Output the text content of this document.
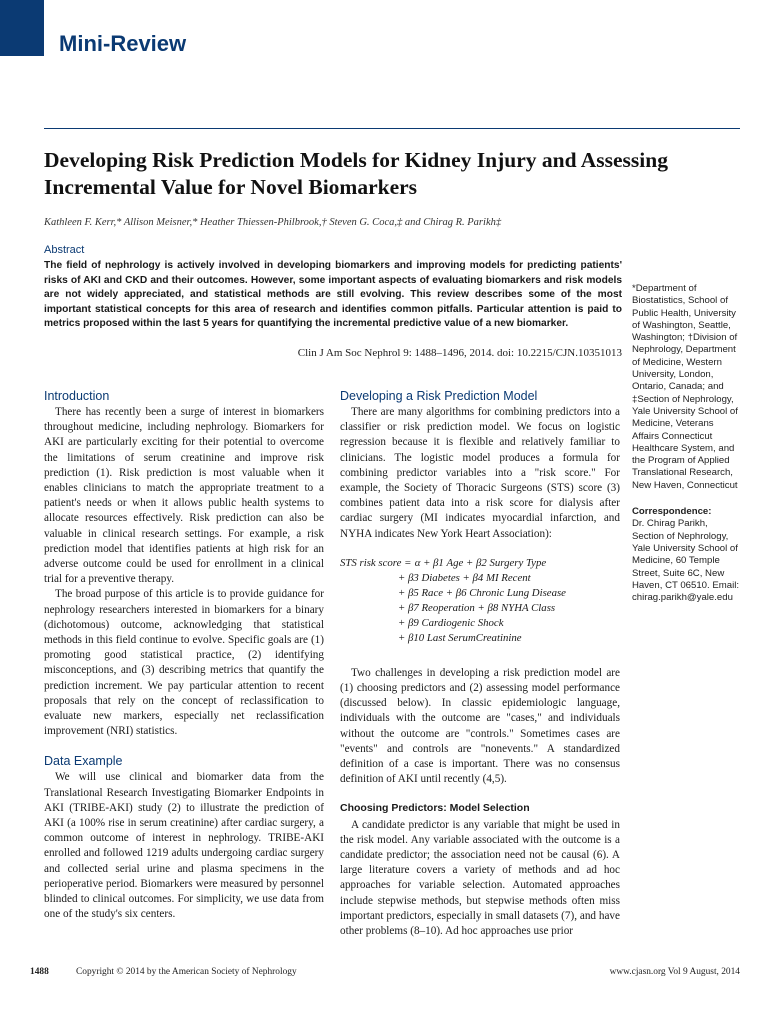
Mini-Review
Developing Risk Prediction Models for Kidney Injury and Assessing Incremental Value for Novel Biomarkers
Kathleen F. Kerr,* Allison Meisner,* Heather Thiessen-Philbrook,† Steven G. Coca,‡ and Chirag R. Parikh‡
Abstract

The field of nephrology is actively involved in developing biomarkers and improving models for predicting patients' risks of AKI and CKD and their outcomes. However, some important aspects of evaluating biomarkers and risk models are not widely appreciated, and statistical methods are still evolving. This review describes some of the most important statistical concepts for this area of research and identifies common pitfalls. Particular attention is paid to metrics proposed within the last 5 years for quantifying the incremental predictive value of a new biomarker.

Clin J Am Soc Nephrol 9: 1488–1496, 2014. doi: 10.2215/CJN.10351013
Introduction

There has recently been a surge of interest in biomarkers throughout medicine, including nephrology. Biomarkers for AKI are particularly exciting for their potential to overcome the limitations of serum creatinine and improve risk prediction (1). Risk prediction is most valuable when it enables clinicians to match the appropriate treatment to a patient's needs or when it allows public health systems to allocate resources effectively. Risk prediction can also be valuable in clinical research settings. For example, a risk prediction model that identifies patients at high risk for an adverse outcome could be used for enrollment in a clinical trial for a preventive therapy.

The broad purpose of this article is to provide guidance for nephrology researchers interested in biomarkers for a binary (dichotomous) outcome, acknowledging that statistical methods in this field continue to evolve. Specific goals are (1) promoting good statistical practice, (2) identifying misconceptions, and (3) describing metrics that quantify the prediction increment. We pay particular attention to recent proposals that rely on the concept of reclassification to evaluate new markers, especially net reclassification improvement (NRI) statistics.

Data Example

We will use clinical and biomarker data from the Translational Research Investigating Biomarker Endpoints in AKI (TRIBE-AKI) study (2) to illustrate the prediction of AKI (a 100% rise in serum creatinine) after cardiac surgery, a common outcome of interest in nephrology. TRIBE-AKI enrolled and followed 1219 adults undergoing cardiac surgery and collected serial urine and plasma specimens in the perioperative period. Biomarkers were measured by personnel blinded to clinical outcomes. For simplicity, we use data from one of the study's six centers.

Developing a Risk Prediction Model

There are many algorithms for combining predictors into a classifier or risk prediction model. We focus on logistic regression because it is flexible and relatively familiar to clinicians. The logistic model produces a formula for combining predictor variables into a "risk score." For example, the Society of Thoracic Surgeons (STS) score (3) combines patient data into a risk score for dialysis after cardiac surgery (MI indicates myocardial infarction, and NYHA indicates New York Heart Association):

STS risk score = α + β1 Age + β2 Surgery Type
+ β3 Diabetes + β4 MI Recent
+ β5 Race + β6 Chronic Lung Disease
+ β7 Reoperation + β8 NYHA Class
+ β9 Cardiogenic Shock
+ β10 Last SerumCreatinine

Two challenges in developing a risk prediction model are (1) choosing predictors and (2) assessing model performance (discussed below). In classic epidemiologic language, individuals with the outcome are "cases," and individuals without the outcome are "controls." Sometimes cases are "events" and controls are "nonevents." A standardized definition of a case is important. There was no consensus definition of AKI until recently (4,5).

Choosing Predictors: Model Selection

A candidate predictor is any variable that might be used in the risk model. Any variable associated with the outcome is a candidate predictor; the association need not be causal (6). A large literature covers a variety of methods and ad hoc approaches for variable selection. Automated approaches include stepwise methods, but stepwise methods often miss important predictors, especially in small datasets (7), and have other problems (8–10). Ad hoc approaches use prior

*Department of Biostatistics, School of Public Health, University of Washington, Seattle, Washington; †Division of Nephrology, Department of Medicine, Western University, London, Ontario, Canada; and ‡Section of Nephrology, Yale University School of Medicine, Veterans Affairs Connecticut Healthcare System, and the Program of Applied Translational Research, New Haven, Connecticut
Correspondence:
Dr. Chirag Parikh, Section of Nephrology, Yale University School of Medicine, 60 Temple Street, Suite 6C, New Haven, CT 06510. Email: chirag.parikh@yale.edu
1488	Copyright © 2014 by the American Society of Nephrology	www.cjasn.org Vol 9 August, 2014
